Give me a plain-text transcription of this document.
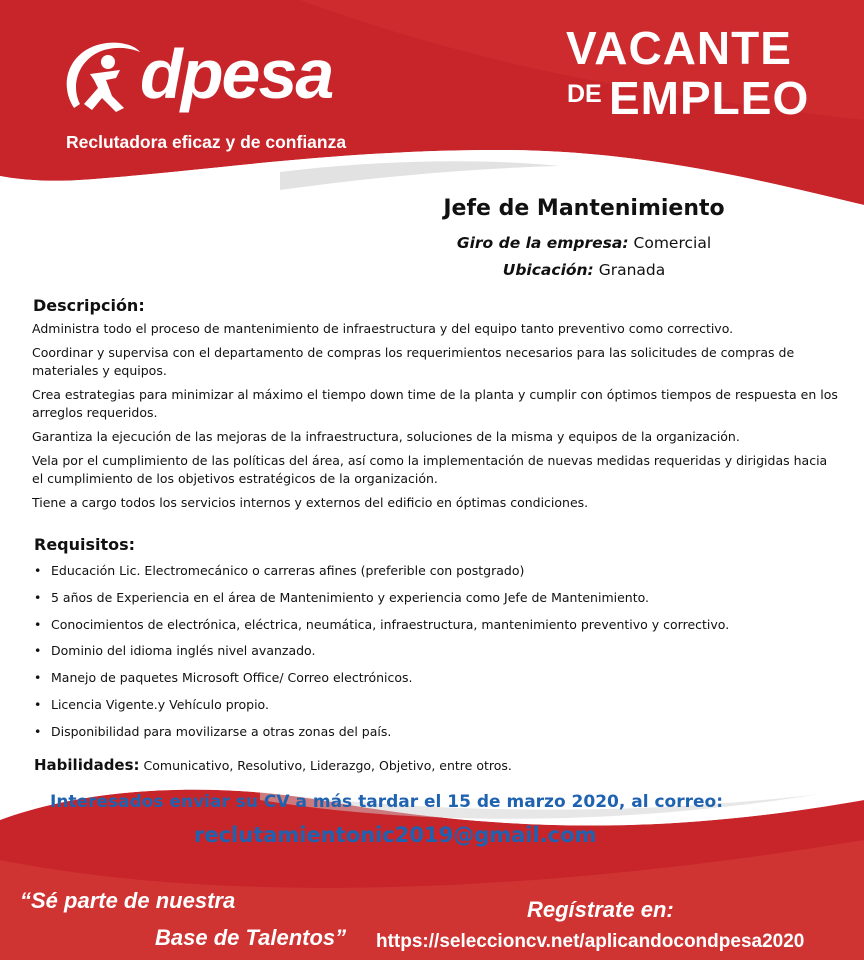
dpesa
Reclutadora eficaz y de confianza
VACANTE
DE EMPLEO
Jefe de Mantenimiento
Giro de la empresa: Comercial
Ubicación: Granada
Descripción:

Administra todo el proceso de mantenimiento de infraestructura y del equipo tanto preventivo como correctivo.

Coordinar y supervisa con el departamento de compras los requerimientos necesarios para las solicitudes de compras de materiales y equipos.

Crea estrategias para minimizar al máximo el tiempo down time de la planta y cumplir con óptimos tiempos de respuesta en los arreglos requeridos.

Garantiza la ejecución de las mejoras de la infraestructura, soluciones de la misma y equipos de la organización.

Vela por el cumplimiento de las políticas del área, así como la implementación de nuevas medidas requeridas y dirigidas hacia el cumplimiento de los objetivos estratégicos de la organización.

Tiene a cargo todos los servicios internos y externos del edificio en óptimas condiciones.

Requisitos:
• Educación Lic. Electromecánico o carreras afines (preferible con postgrado)
• 5 años de Experiencia en el área de Mantenimiento y experiencia como Jefe de Mantenimiento.
• Conocimientos de electrónica, eléctrica, neumática, infraestructura, mantenimiento preventivo y correctivo.
• Dominio del idioma inglés nivel avanzado.
• Manejo de paquetes Microsoft Office/ Correo electrónicos.
• Licencia Vigente.y Vehículo propio.
• Disponibilidad para movilizarse a otras zonas del país.
Habilidades: Comunicativo, Resolutivo, Liderazgo, Objetivo, entre otros.
Interesados enviar su CV a más tardar el 15 de marzo 2020, al correo:
reclutamientonic2019@gmail.com
“Sé parte de nuestra
Base de Talentos”
Regístrate en:
https://seleccioncv.net/aplicandocondpesa2020
